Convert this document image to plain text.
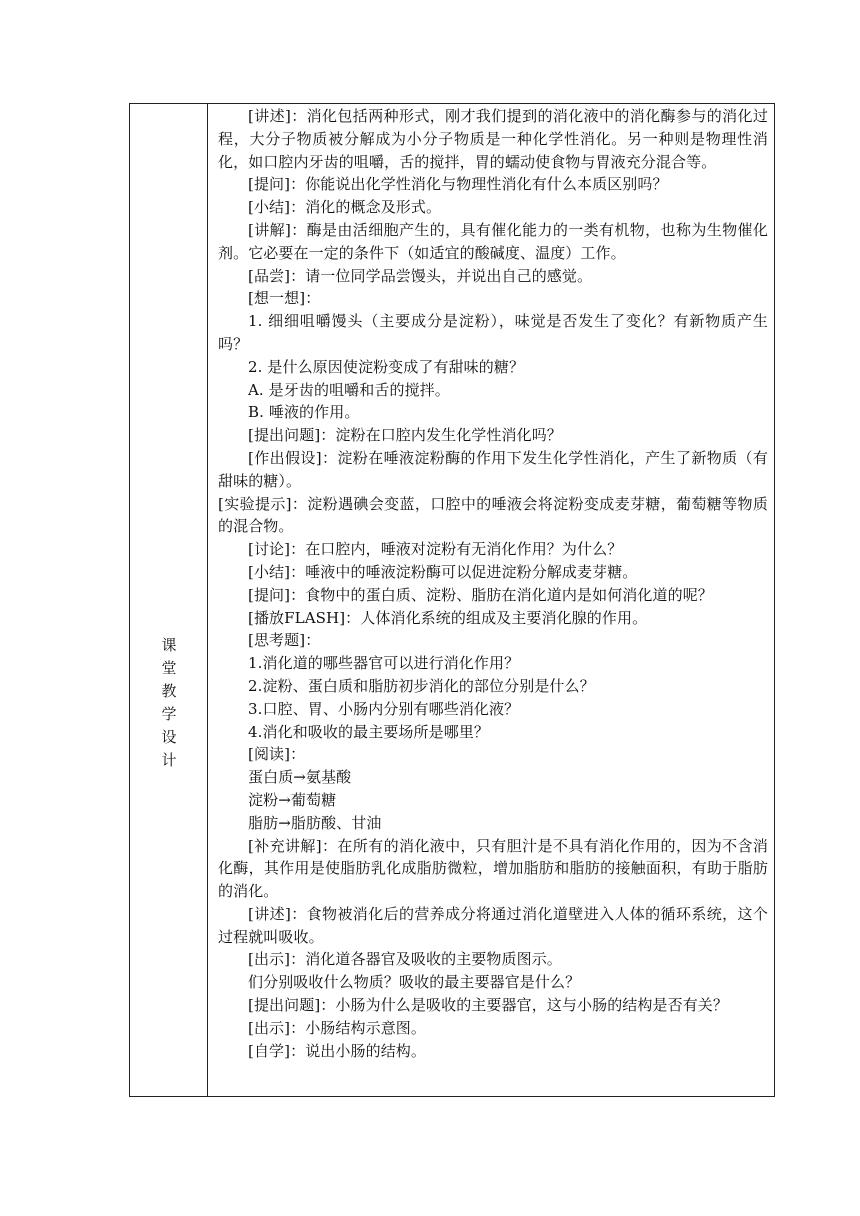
课
堂
教
学
设
计

[讲述]：消化包括两种形式，刚才我们提到的消化液中的消化酶参与的消化过程，大分子物质被分解成为小分子物质是一种化学性消化。另一种则是物理性消化，如口腔内牙齿的咀嚼，舌的搅拌，胃的蠕动使食物与胃液充分混合等。

[提问]：你能说出化学性消化与物理性消化有什么本质区别吗？

[小结]：消化的概念及形式。

[讲解]：酶是由活细胞产生的，具有催化能力的一类有机物，也称为生物催化剂。它必要在一定的条件下（如适宜的酸碱度、温度）工作。

[品尝]：请一位同学品尝馒头，并说出自己的感觉。

[想一想]：

1. 细细咀嚼馒头（主要成分是淀粉），味觉是否发生了变化？有新物质产生吗？

2. 是什么原因使淀粉变成了有甜味的糖？

A. 是牙齿的咀嚼和舌的搅拌。

B. 唾液的作用。

[提出问题]：淀粉在口腔内发生化学性消化吗？

[作出假设]：淀粉在唾液淀粉酶的作用下发生化学性消化，产生了新物质（有甜味的糖）。

[实验提示]：淀粉遇碘会变蓝，口腔中的唾液会将淀粉变成麦芽糖，葡萄糖等物质的混合物。

[讨论]：在口腔内，唾液对淀粉有无消化作用？为什么？

[小结]：唾液中的唾液淀粉酶可以促进淀粉分解成麦芽糖。

[提问]：食物中的蛋白质、淀粉、脂肪在消化道内是如何消化道的呢？

[播放FLASH]：人体消化系统的组成及主要消化腺的作用。

[思考题]：

1.消化道的哪些器官可以进行消化作用？

2.淀粉、蛋白质和脂肪初步消化的部位分别是什么？

3.口腔、胃、小肠内分别有哪些消化液？

4.消化和吸收的最主要场所是哪里？

[阅读]：

蛋白质→氨基酸

淀粉→葡萄糖

脂肪→脂肪酸、甘油

[补充讲解]：在所有的消化液中，只有胆汁是不具有消化作用的，因为不含消化酶，其作用是使脂肪乳化成脂肪微粒，增加脂肪和脂肪的接触面积，有助于脂肪的消化。

[讲述]：食物被消化后的营养成分将通过消化道壁进入人体的循环系统，这个过程就叫吸收。

[出示]：消化道各器官及吸收的主要物质图示。

们分别吸收什么物质？吸收的最主要器官是什么？

[提出问题]：小肠为什么是吸收的主要器官，这与小肠的结构是否有关？

[出示]：小肠结构示意图。

[自学]：说出小肠的结构。
